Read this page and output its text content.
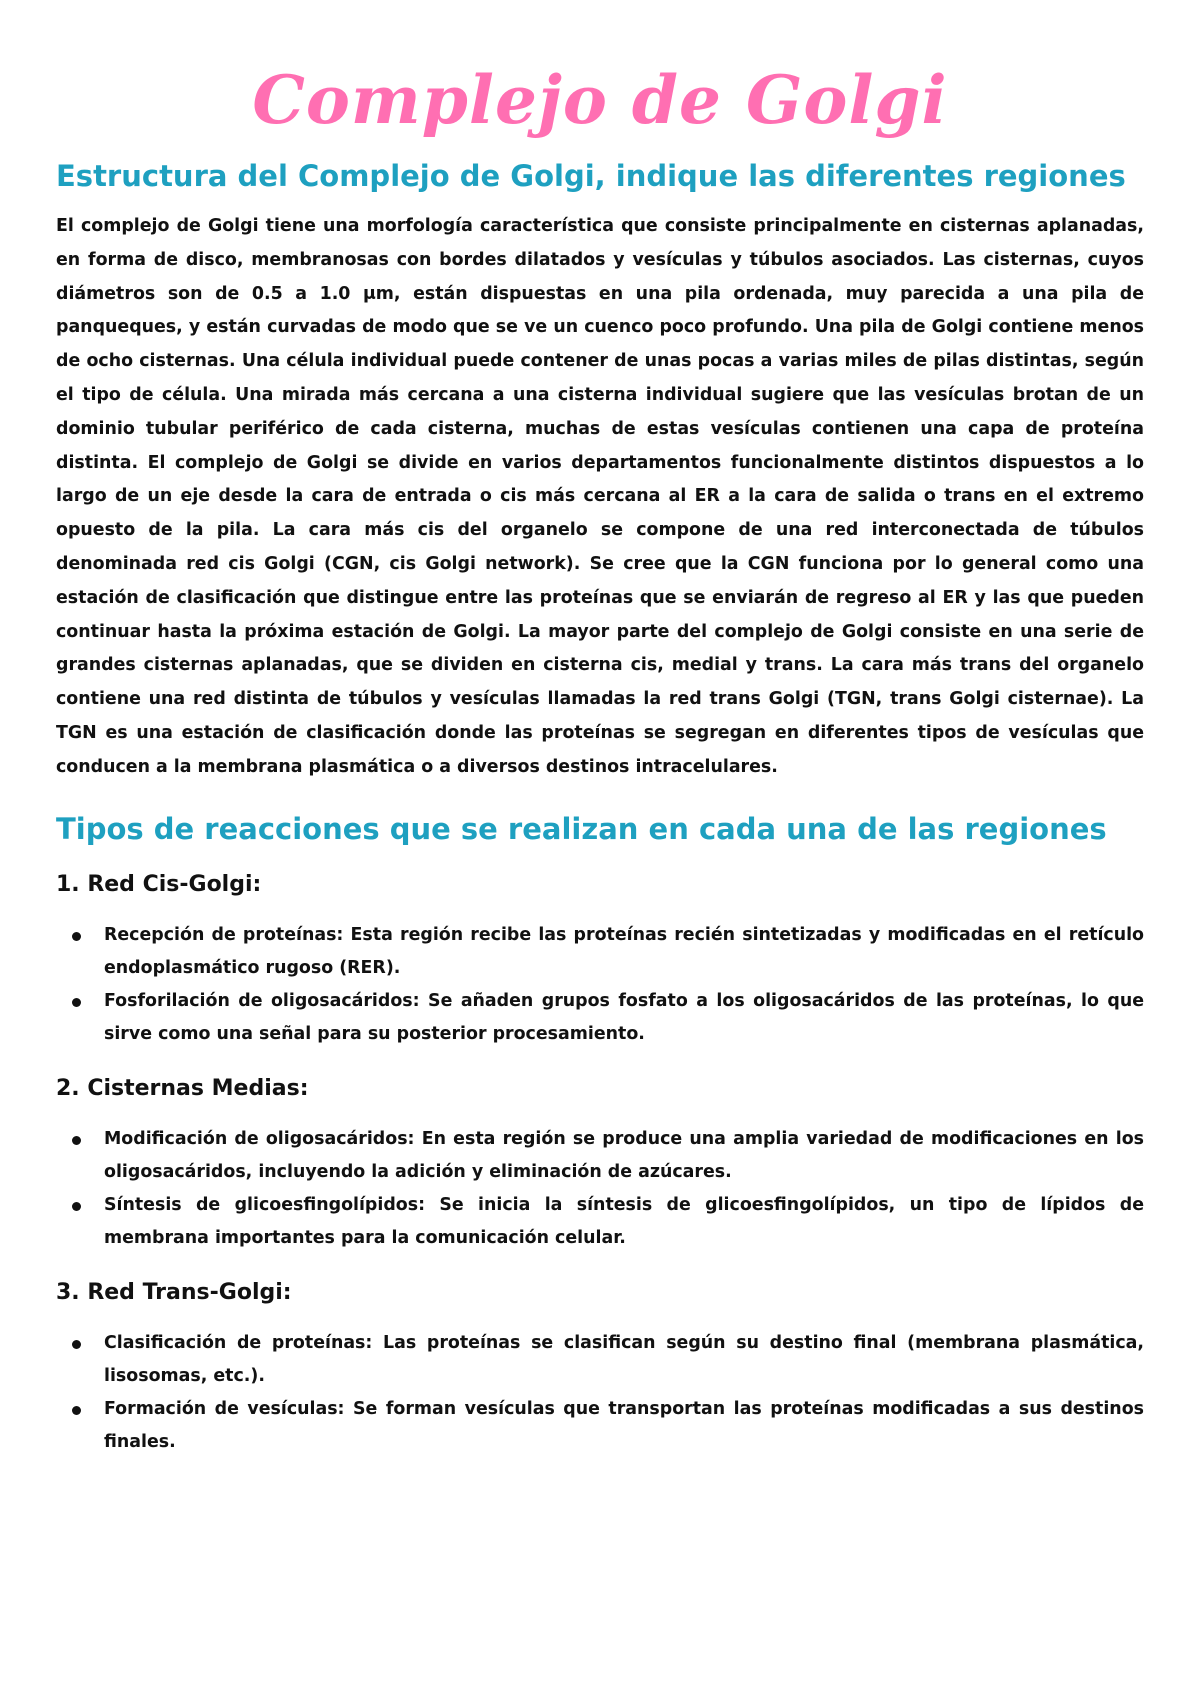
Complejo de Golgi
Estructura del Complejo de Golgi, indique las diferentes regiones

El complejo de Golgi tiene una morfología característica que consiste principalmente en cisternas aplanadas, en forma de disco, membranosas con bordes dilatados y vesículas y túbulos asociados. Las cisternas, cuyos diámetros son de 0.5 a 1.0 μm, están dispuestas en una pila ordenada, muy parecida a una pila de panqueques, y están curvadas de modo que se ve un cuenco poco profundo. Una pila de Golgi contiene menos de ocho cisternas. Una célula individual puede contener de unas pocas a varias miles de pilas distintas, según el tipo de célula. Una mirada más cercana a una cisterna individual sugiere que las vesículas brotan de un dominio tubular periférico de cada cisterna, muchas de estas vesículas contienen una capa de proteína distinta. El complejo de Golgi se divide en varios departamentos funcionalmente distintos dispuestos a lo largo de un eje desde la cara de entrada o cis más cercana al ER a la cara de salida o trans en el extremo opuesto de la pila. La cara más cis del organelo se compone de una red interconectada de túbulos denominada red cis Golgi (CGN, cis Golgi network). Se cree que la CGN funciona por lo general como una estación de clasificación que distingue entre las proteínas que se enviarán de regreso al ER y las que pueden continuar hasta la próxima estación de Golgi. La mayor parte del complejo de Golgi consiste en una serie de grandes cisternas aplanadas, que se dividen en cisterna cis, medial y trans. La cara más trans del organelo contiene una red distinta de túbulos y vesículas llamadas la red trans Golgi (TGN, trans Golgi cisternae). La TGN es una estación de clasificación donde las proteínas se segregan en diferentes tipos de vesículas que conducen a la membrana plasmática o a diversos destinos intracelulares.

Tipos de reacciones que se realizan en cada una de las regiones
1. Red Cis-Golgi:
Recepción de proteínas: Esta región recibe las proteínas recién sintetizadas y modificadas en el retículo endoplasmático rugoso (RER).
Fosforilación de oligosacáridos: Se añaden grupos fosfato a los oligosacáridos de las proteínas, lo que sirve como una señal para su posterior procesamiento.
2. Cisternas Medias:
Modificación de oligosacáridos: En esta región se produce una amplia variedad de modificaciones en los oligosacáridos, incluyendo la adición y eliminación de azúcares.
Síntesis de glicoesfingolípidos: Se inicia la síntesis de glicoesfingolípidos, un tipo de lípidos de membrana importantes para la comunicación celular.
3. Red Trans-Golgi:
Clasificación de proteínas: Las proteínas se clasifican según su destino final (membrana plasmática, lisosomas, etc.).
Formación de vesículas: Se forman vesículas que transportan las proteínas modificadas a sus destinos finales.
